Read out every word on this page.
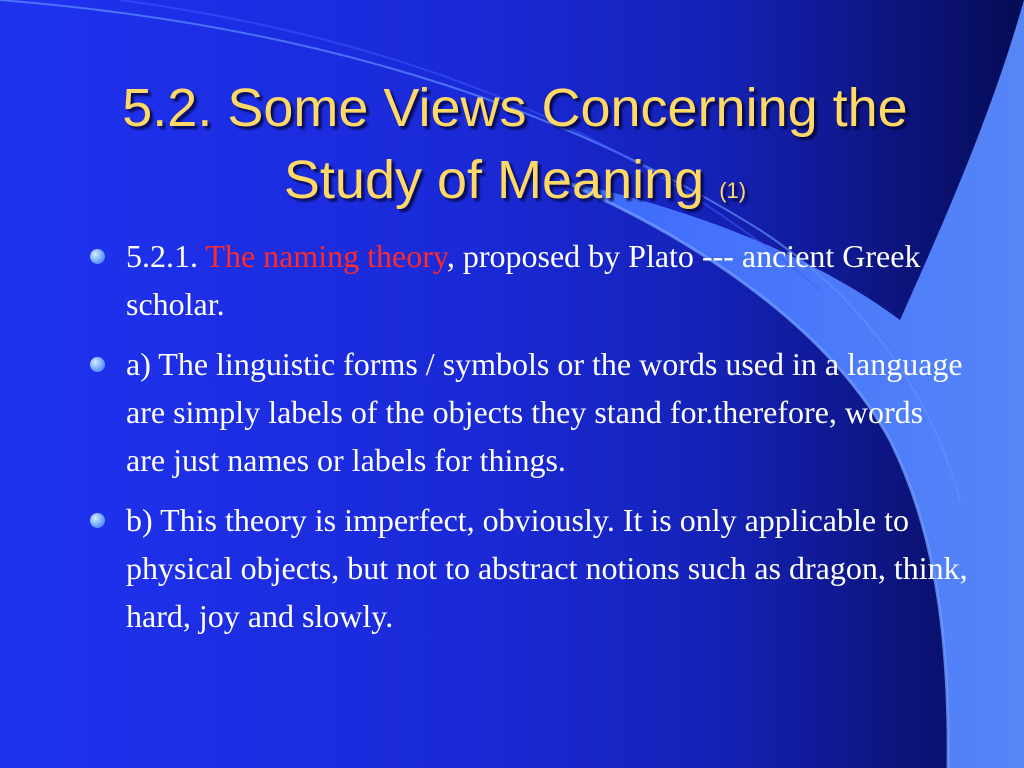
5.2. Some Views Concerning the Study of Meaning (1)
5.2.1. The naming theory, proposed by Plato --- ancient Greek scholar.
a) The linguistic forms / symbols or the words used in a language are simply labels of the objects they stand for.therefore, words are just names or labels for things.
b) This theory is imperfect, obviously. It is only applicable to physical objects, but not to abstract notions such as dragon, think, hard, joy and slowly.
